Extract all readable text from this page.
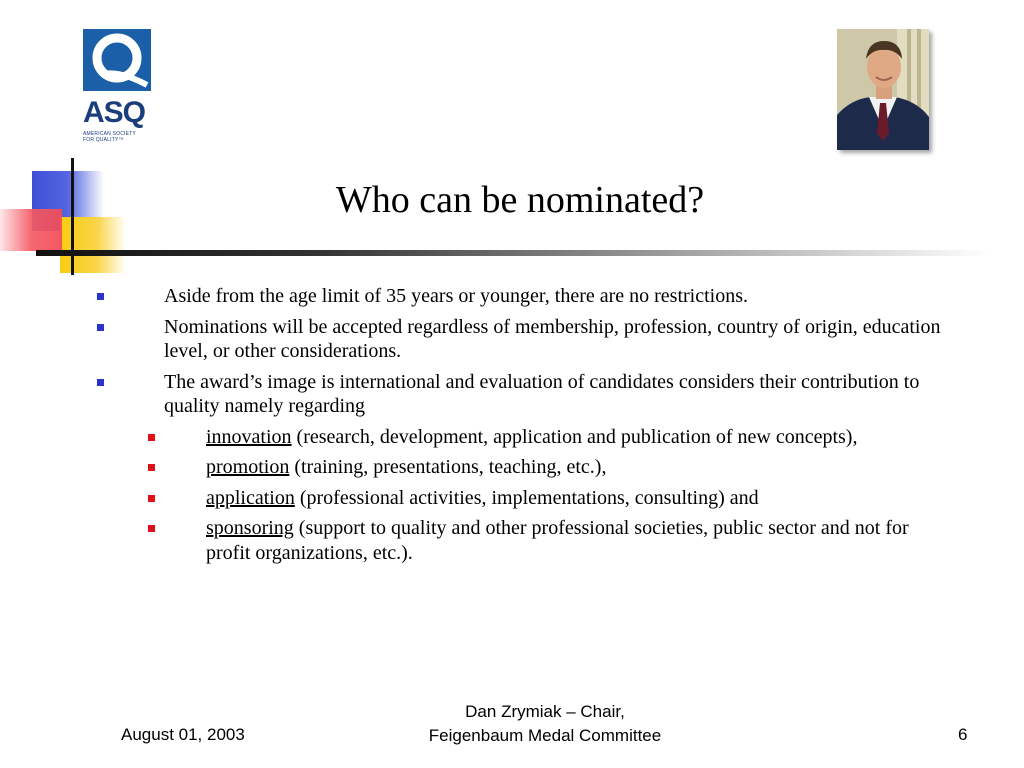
ASQ
AMERICAN SOCIETY
FOR QUALITY™
Who can be nominated?
Aside from the age limit of 35 years or younger, there are no restrictions.
Nominations will be accepted regardless of membership, profession, country of origin, education level, or other considerations.
The award’s image is international and evaluation of candidates considers their contribution to quality namely regarding
innovation (research, development, application and publication of new concepts),
promotion (training, presentations, teaching, etc.),
application (professional activities, implementations, consulting) and
sponsoring (support to quality and other professional societies, public sector and not for profit organizations, etc.).
August 01, 2003
Dan Zrymiak – Chair,
Feigenbaum Medal Committee	6
